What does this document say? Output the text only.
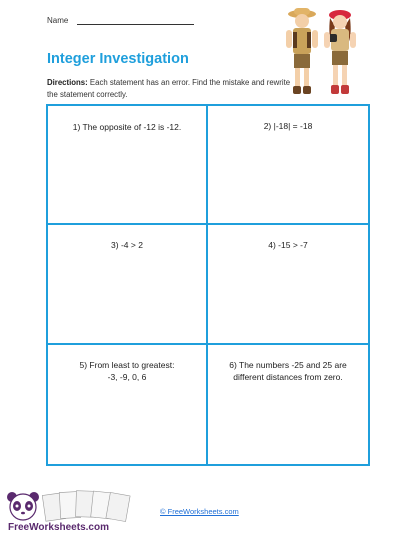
Name
Integer Investigation
Directions: Each statement has an error. Find the mistake and rewrite the statement correctly.
1) The opposite of -12 is -12.	2) |-18| = -18
3) -4 > 2	4) -15 > -7
5) From least to greatest:
-3, -9, 0, 6
6) The numbers -25 and 25 are different distances from zero.
FreeWorksheets.com
© FreeWorksheets.com
